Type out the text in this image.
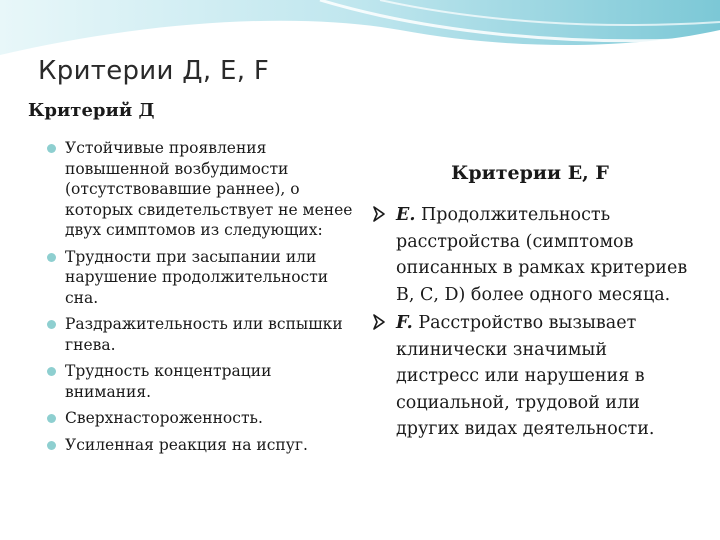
Критерии Д, Е, F
Критерий Д
Устойчивые проявления повышенной возбудимости (отсутствовавшие раннее), о которых свидетельствует не менее двух симптомов из следующих:
Трудности при засыпании или нарушение продолжительности сна.
Раздражительность или вспышки гнева.
Трудность концентрации внимания.
Сверхнастороженность.
Усиленная реакция на испуг.
Критерии Е, F
Е. Продолжительность расстройства (симптомов описанных в рамках критериев В, С, D) более одного месяца.
F. Расстройство вызывает клинически значимый дистресс или нарушения в социальной, трудовой или других видах деятельности.
